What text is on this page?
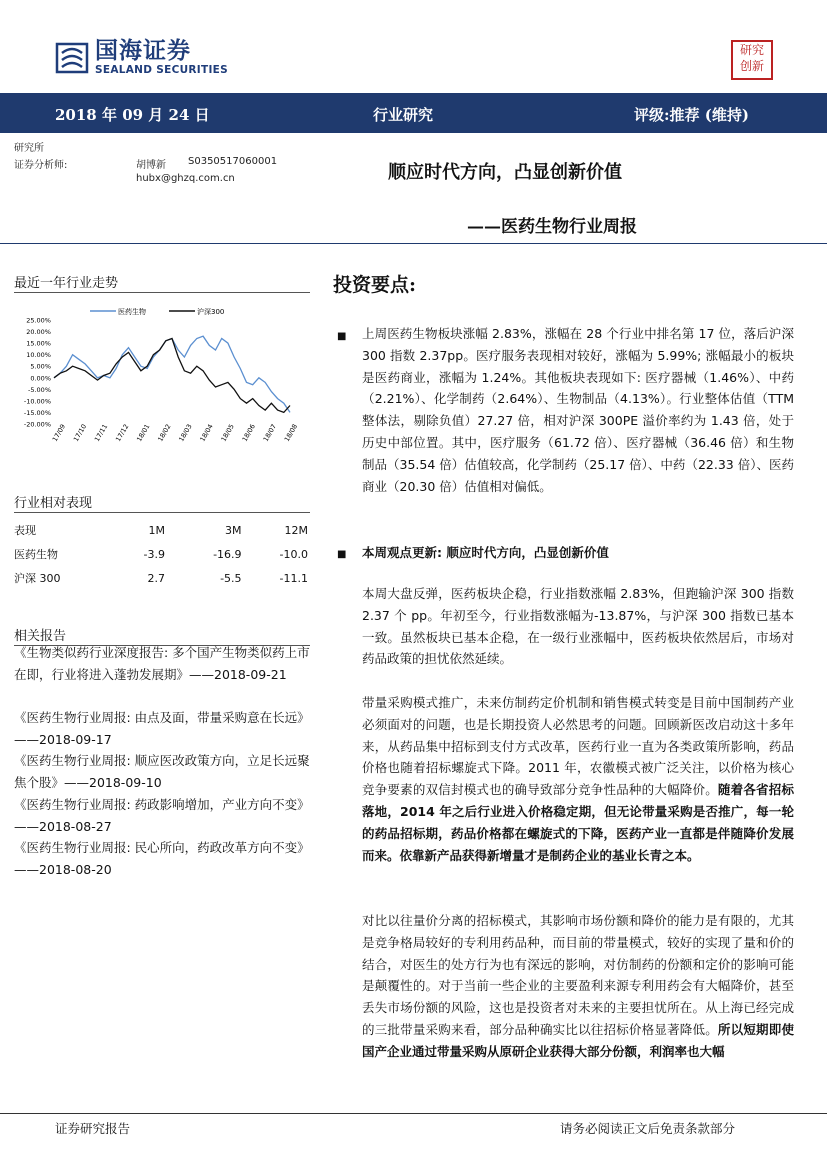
国海证券
SEALAND SECURITIES
研究
创新
2018 年 09 月 24 日	行业研究	评级:推荐 (维持)
研究所
证券分析师:	胡博新 S0350517060001
hubx@ghzq.com.cn	顺应时代方向，凸显创新价值
——医药生物行业周报
最近一年行业走势
医药生物	沪深300
25.00%
20.00%
15.00%
10.00%
5.00%
0.00%
-5.00%
-10.00%
-15.00%
-20.00% 17/09 17/10 17/11 17/12 18/01 18/02 18/03 18/04 18/05 18/06 18/07 18/08
行业相对表现
表现	1M	3M	12M
医药生物	-3.9	-16.9	-10.0
沪深 300	2.7	-5.5	-11.1
相关报告
《生物类似药行业深度报告: 多个国产生物类似药上市在即，行业将进入蓬勃发展期》——2018-09-21
《医药生物行业周报: 由点及面，带量采购意在长远》——2018-09-17
《医药生物行业周报: 顺应医改政策方向，立足长远聚焦个股》——2018-09-10
《医药生物行业周报: 药政影响增加，产业方向不变》——2018-08-27
《医药生物行业周报: 民心所向，药政改革方向不变》——2018-08-20
投资要点:
■ 上周医药生物板块涨幅 2.83%，涨幅在 28 个行业中排名第 17 位，落后沪深 300 指数 2.37pp。医疗服务表现相对较好，涨幅为 5.99%; 涨幅最小的板块是医药商业，涨幅为 1.24%。其他板块表现如下: 医疗器械（1.46%）、中药（2.21%）、化学制药（2.64%）、生物制品（4.13%）。行业整体估值（TTM 整体法，剔除负值）27.27 倍，相对沪深 300PE 溢价率约为 1.43 倍，处于历史中部位置。其中，医疗服务（61.72 倍）、医疗器械（36.46 倍）和生物制品（35.54 倍）估值较高，化学制药（25.17 倍）、中药（22.33 倍）、医药商业（20.30 倍）估值相对偏低。
■ 本周观点更新: 顺应时代方向，凸显创新价值
本周大盘反弹，医药板块企稳，行业指数涨幅 2.83%，但跑输沪深 300 指数 2.37 个 pp。年初至今，行业指数涨幅为-13.87%，与沪深 300 指数已基本一致。虽然板块已基本企稳，在一级行业涨幅中，医药板块依然居后，市场对药品政策的担忧依然延续。
带量采购模式推广，未来仿制药定价机制和销售模式转变是目前中国制药产业必须面对的问题，也是长期投资人必然思考的问题。回顾新医改启动这十多年来，从药品集中招标到支付方式改革，医药行业一直为各类政策所影响，药品价格也随着招标螺旋式下降。2011 年，农徽模式被广泛关注，以价格为核心竞争要素的双信封模式也的确导致部分竞争性品种的大幅降价。随着各省招标落地，2014 年之后行业进入价格稳定期，但无论带量采购是否推广，每一轮的药品招标期，药品价格都在螺旋式的下降，医药产业一直都是伴随降价发展而来。依靠新产品获得新增量才是制药企业的基业长青之本。
对比以往量价分离的招标模式，其影响市场份额和降价的能力是有限的，尤其是竞争格局较好的专利用药品种，而目前的带量模式，较好的实现了量和价的结合，对医生的处方行为也有深远的影响，对仿制药的份额和定价的影响可能是颠覆性的。对于当前一些企业的主要盈利来源专利用药会有大幅降价，甚至丢失市场份额的风险，这也是投资者对未来的主要担忧所在。从上海已经完成的三批带量采购来看，部分品种确实比以往招标价格显著降低。所以短期即使国产企业通过带量采购从原研企业获得大部分份额，利润率也大幅
证券研究报告	请务必阅读正文后免责条款部分
